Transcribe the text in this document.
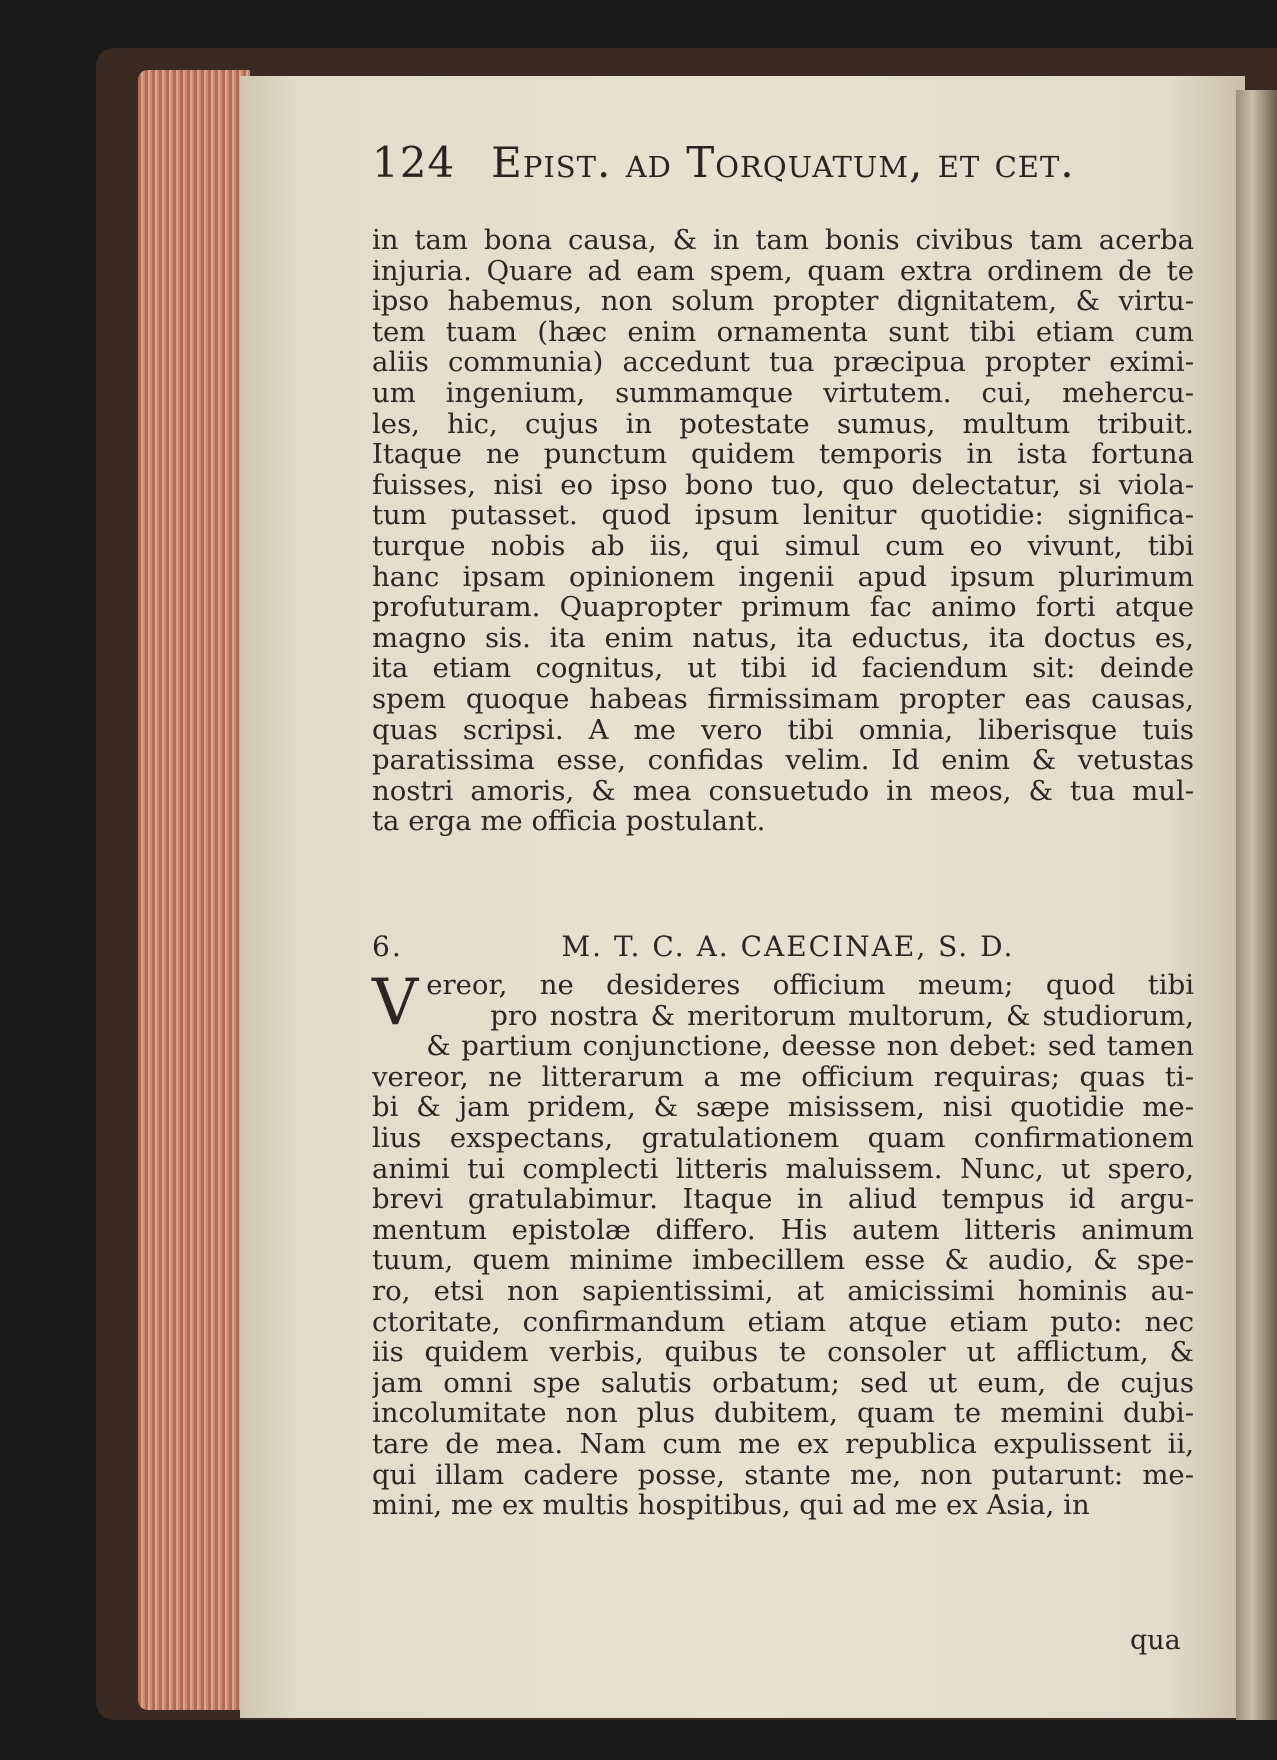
124 Epist. ad Torquatum, et cet.
in tam bona causa, & in tam bonis civibus tam acerba
injuria. Quare ad eam spem, quam extra ordinem de te
ipso habemus, non solum propter dignitatem, & virtu-
tem tuam (hæc enim ornamenta sunt tibi etiam cum
aliis communia) accedunt tua præcipua propter eximi-
um ingenium, summamque virtutem. cui, mehercu-
les, hic, cujus in potestate sumus, multum tribuit.
Itaque ne punctum quidem temporis in ista fortuna
fuisses, nisi eo ipso bono tuo, quo delectatur, si viola-
tum putasset. quod ipsum lenitur quotidie: significa-
turque nobis ab iis, qui simul cum eo vivunt, tibi
hanc ipsam opinionem ingenii apud ipsum plurimum
profuturam. Quapropter primum fac animo forti atque
magno sis. ita enim natus, ita eductus, ita doctus es,
ita etiam cognitus, ut tibi id faciendum sit: deinde
spem quoque habeas firmissimam propter eas causas,
quas scripsi. A me vero tibi omnia, liberisque tuis
paratissima esse, confidas velim. Id enim & vetustas
nostri amoris, & mea consuetudo in meos, & tua mul-
ta erga me officia postulant.
6.	M. T. C. A. CAECINAE, S. D.
V ereor, ne desideres officium meum; quod tibi
pro nostra & meritorum multorum, & studiorum,
& partium conjunctione, deesse non debet: sed tamen
vereor, ne litterarum a me officium requiras; quas ti-
bi & jam pridem, & sæpe misissem, nisi quotidie me-
lius exspectans, gratulationem quam confirmationem
animi tui complecti litteris maluissem. Nunc, ut spero,
brevi gratulabimur. Itaque in aliud tempus id argu-
mentum epistolæ differo. His autem litteris animum
tuum, quem minime imbecillem esse & audio, & spe-
ro, etsi non sapientissimi, at amicissimi hominis au-
ctoritate, confirmandum etiam atque etiam puto: nec
iis quidem verbis, quibus te consoler ut afflictum, &
jam omni spe salutis orbatum; sed ut eum, de cujus
incolumitate non plus dubitem, quam te memini dubi-
tare de mea. Nam cum me ex republica expulissent ii,
qui illam cadere posse, stante me, non putarunt: me-
mini, me ex multis hospitibus, qui ad me ex Asia, in
qua
